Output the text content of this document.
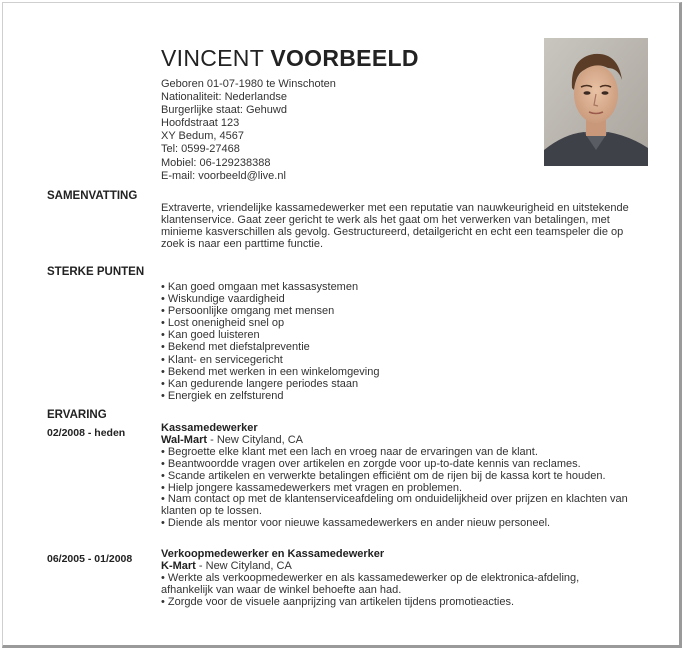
VINCENT VOORBEELD
Geboren 01-07-1980 te Winschoten
Nationaliteit: Nederlandse
Burgerlijke staat: Gehuwd
Hoofdstraat 123
XY Bedum, 4567
Tel: 0599-27468
Mobiel: 06-129238388
E-mail: voorbeeld@live.nl
SAMENVATTING
Extraverte, vriendelijke kassamedewerker met een reputatie van nauwkeurigheid en uitstekende klantenservice. Gaat zeer gericht te werk als het gaat om het verwerken van betalingen, met minieme kasverschillen als gevolg. Gestructureerd, detailgericht en echt een teamspeler die op zoek is naar een parttime functie.
STERKE PUNTEN
• Kan goed omgaan met kassasystemen
• Wiskundige vaardigheid
• Persoonlijke omgang met mensen
• Lost onenigheid snel op
• Kan goed luisteren
• Bekend met diefstalpreventie
• Klant- en servicegericht
• Bekend met werken in een winkelomgeving
• Kan gedurende langere periodes staan
• Energiek en zelfsturend
ERVARING
02/2008 - heden	Kassamedewerker
Wal-Mart - New Cityland, CA
• Begroette elke klant met een lach en vroeg naar de ervaringen van de klant.
• Beantwoordde vragen over artikelen en zorgde voor up-to-date kennis van reclames.
• Scande artikelen en verwerkte betalingen efficiënt om de rijen bij de kassa kort te houden.
• Hielp jongere kassamedewerkers met vragen en problemen.
• Nam contact op met de klantenserviceafdeling om onduidelijkheid over prijzen en klachten van klanten op te lossen.
• Diende als mentor voor nieuwe kassamedewerkers en ander nieuw personeel.
06/2005 - 01/2008	Verkoopmedewerker en Kassamedewerker
K-Mart - New Cityland, CA
• Werkte als verkoopmedewerker en als kassamedewerker op de elektronica-afdeling, afhankelijk van waar de winkel behoefte aan had.
• Zorgde voor de visuele aanprijzing van artikelen tijdens promotieacties.
